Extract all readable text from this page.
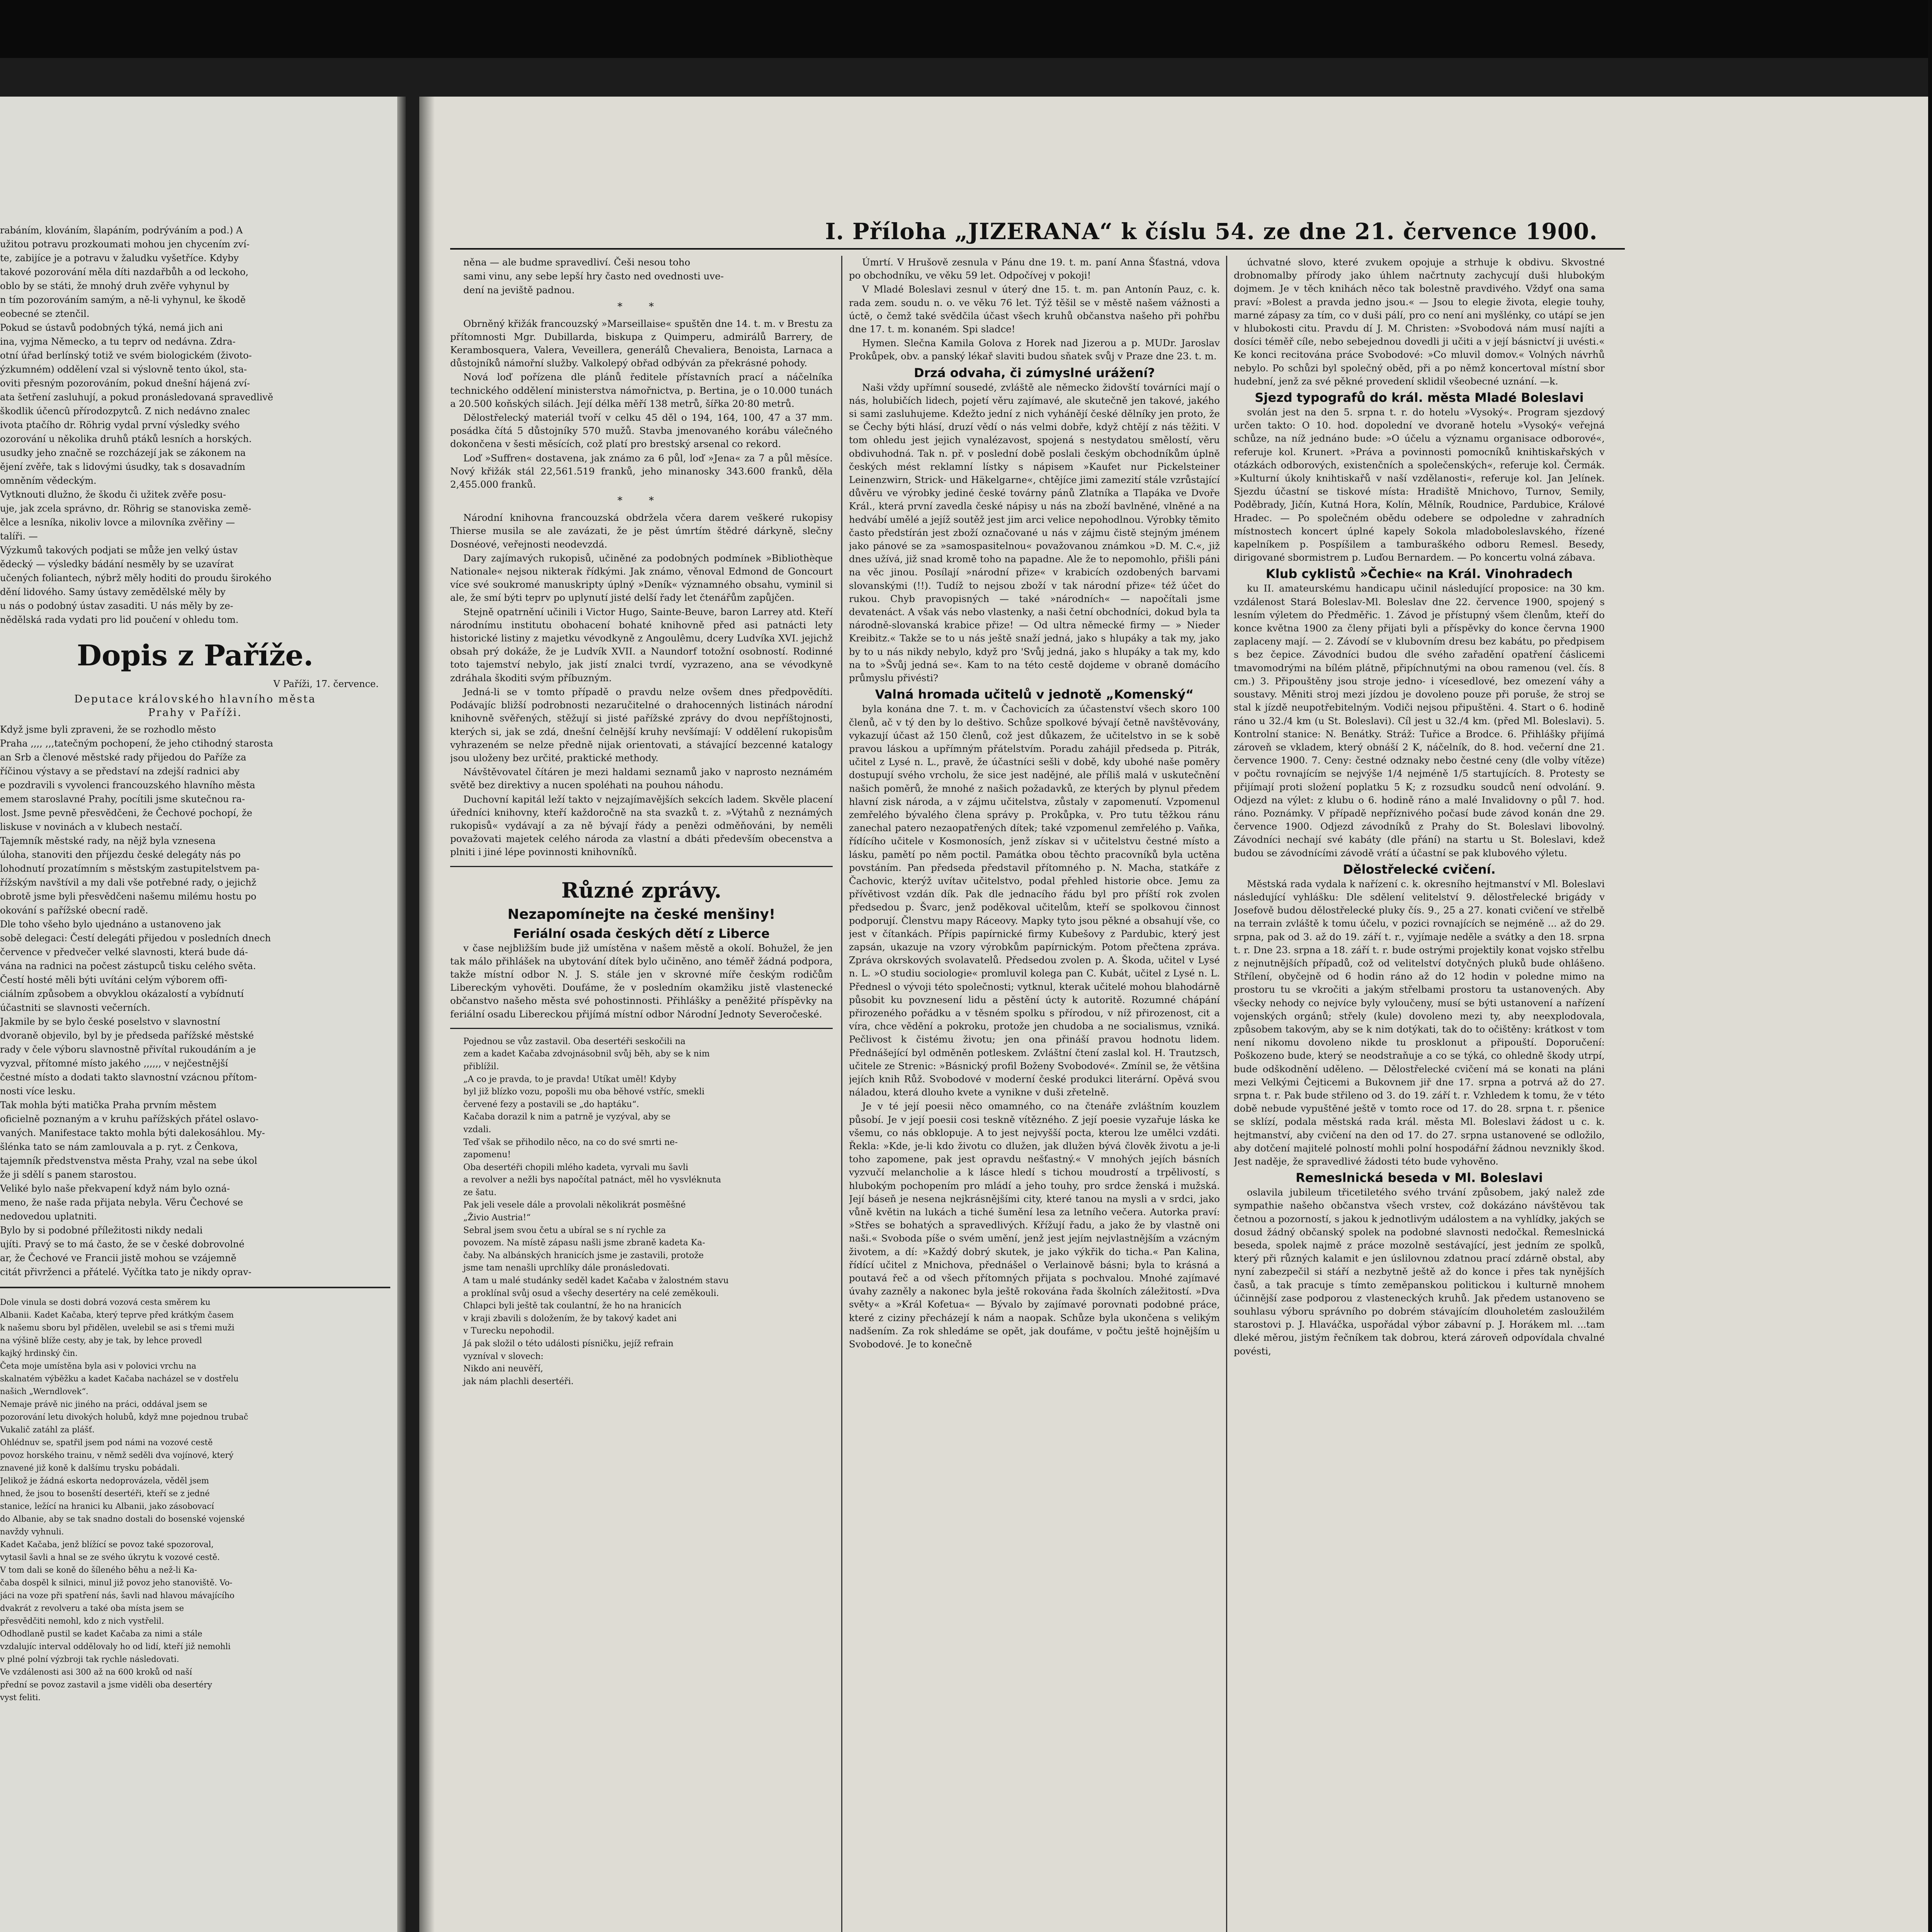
rabáním, klováním, šlapáním, podrýváním a pod.) A

užitou potravu prozkoumati mohou jen chycením zví-

te, zabijíce je a potravu v žaludku vyšetříce. Kdyby

takové pozorování měla díti nazdařbůh a od leckoho,

oblo by se státi, že mnohý druh zvěře vyhynul by

n tím pozorováním samým, a ně-li vyhynul, ke škodě

eobecné se ztenčil.

Pokud se ústavů podobných týká, nemá jich ani

ina, vyjma Německo, a tu teprv od nedávna. Zdra-

otní úřad berlínský totiž ve svém biologickém (životo-

ýzkumném) oddělení vzal si výslovně tento úkol, sta-

oviti přesným pozorováním, pokud dnešní hájená zví-

ata šetření zasluhují, a pokud pronásledovaná spravedlivě

škodlik účencû přírodozpytců. Z nich nedávno znalec

ivota ptačího dr. Röhrig vydal první výsledky svého

ozorování u několika druhů ptáků lesních a horských.

usudky jeho značně se rozcházejí jak se zákonem na

ějení zvěře, tak s lidovými úsudky, tak s dosavadním

omněním vědeckým.

Vytknouti dlužno, že škodu či užitek zvěře posu-

uje, jak zcela správno, dr. Röhrig se stanoviska země-

ělce a lesníka, nikoliv lovce a milovníka zvěřiny —

talíři. —

Výzkumů takových podjati se může jen velký ústav

ědecký — výsledky bádání nesměly by se uzavírat

učených foliantech, nýbrž měly hoditi do proudu širokého

dění lidového. Samy ústavy zemědělské měly by

u nás o podobný ústav zasaditi. U nás měly by ze-

nědělská rada vydati pro lid poučení v ohledu tom.

Dopis z Paříže.
V Paříži, 17. července.
Deputace královského hlavního města
Prahy v Paříži.

Když jsme byli zpraveni, že se rozhodlo město

Praha ,,,, ,,,tatečným pochopení, že jeho ctihodný starosta

an Srb a členové městské rady přijedou do Paříže za

říčinou výstavy a se představí na zdejší radnici aby

e pozdravili s vyvolenci francouzského hlavního města

emem staroslavné Prahy, pocítili jsme skutečnou ra-

lost. Jsme pevně přesvědčeni, že Čechové pochopí, že

liskuse v novinách a v klubech nestačí.

Tajemník městské rady, na nějž byla vznesena

úloha, stanoviti den příjezdu české delegáty nás po

lohodnutí prozatímním s městským zastupitelstvem pa-

řížským navštívil a my dali vše potřebné rady, o jejichž

obrotě jsme byli přesvědčeni našemu milému hostu po

okování s pařížské obecní radě.

Dle toho všeho bylo ujednáno a ustanoveno jak

sobě delegaci: Čestí delegáti přijedou v posledních dnech

července v předvečer velké slavnosti, která bude dá-

vána na radnici na počest zástupců tisku celého světa.

Čestí hosté měli býti uvítáni celým výborem offi-

ciálním způsobem a obvyklou okázalostí a vybídnutí

účastniti se slavnosti večerních.

Jakmile by se bylo české poselstvo v slavnostní

dvoraně objevilo, byl by je předseda pařížské městské

rady v čele výboru slavnostně přivítal rukoudáním a je

vyzval, přítomné místo jakého ,,,,,, v nejčestnější

čestné místo a dodati takto slavnostní vzácnou přítom-

nosti více lesku.

Tak mohla býti matička Praha prvním městem

oficielně poznaným a v kruhu pařížských přátel oslavo-

vaných. Manifestace takto mohla býti dalekosáhlou. My-

šlénka tato se nám zamlouvala a p. ryt. z Čenkova,

tajemník předstvenstva města Prahy, vzal na sebe úkol

že ji sdělí s panem starostou.

Veliké bylo naše překvapení když nám bylo ozná-

meno, že naše rada přijata nebyla. Věru Čechové se

nedovedou uplatniti.

Bylo by si podobné příležitosti nikdy nedali

ujíti. Pravý se to má často, že se v české dobrovolné

ar, že Čechové ve Francii jistě mohou se vzájemně

citát přivrženci a přátelé. Vyčítka tato je nikdy oprav-

Dole vinula se dosti dobrá vozová cesta směrem ku

Albanii. Kadet Kačaba, který teprve před krátkým časem

k našemu sboru byl přidělen, uvelebil se asi s třemi muži

na výšině blíže cesty, aby je tak, by lehce provedl

kajký hrdinský čin.

Četa moje umístěna byla asi v polovici vrchu na

skalnatém výběžku a kadet Kačaba nacházel se v dostřelu

našich „Werndlovek“.

Nemaje právě nic jiného na práci, oddával jsem se

pozorování letu divokých holubů, když mne pojednou trubač

Vukalič zatáhl za plášť.

Ohlédnuv se, spatřil jsem pod námi na vozové cestě

povoz horského trainu, v němž seděli dva vojínové, který

znavené již koně k dalšímu trysku pobádali.

Jelikož je žádná eskorta nedoprovázela, věděl jsem

hned, že jsou to bosenští desertéři, kteří se z jedné

stanice, ležící na hranici ku Albanii, jako zásobovací

do Albanie, aby se tak snadno dostali do bosenské vojenské

navždy vyhnuli.

Kadet Kačaba, jenž blížící se povoz také spozoroval,

vytasil šavli a hnal se ze svého úkrytu k vozové cestě.

V tom dali se koně do šíleného běhu a než-li Ka-

čaba dospěl k silnici, minul již povoz jeho stanoviště. Vo-

jáci na voze při spatření nás, šavli nad hlavou mávajícího

dvakrát z revolveru a také oba místa jsem se

přesvědčiti nemohl, kdo z nich vystřelil.

Odhodlaně pustil se kadet Kačaba za nimi a stále

vzdalujíc interval oddělovaly ho od lidí, kteří již nemohli

v plné polní výzbroji tak rychle následovati.

Ve vzdálenosti asi 300 až na 600 kroků od naší

přední se povoz zastavil a jsme viděli oba desertéry

vyst feliti.

I. Příloha „JIZERANA“ k číslu 54. ze dne 21. července 1900.

něna — ale budme spravedliví. Češi nesou toho

sami vinu, any sebe lepší hry často ned ovednosti uve-

dení na jeviště padnou.

* *

Obrněný křižák francouzský »Marseillaise« spuštěn dne 14. t. m. v Brestu za přítomnosti Mgr. Dubillarda, biskupa z Quimperu, admirálů Barrery, de Kerambosquera, Valera, Veveillera, generálů Chevaliera, Benoista, Larnaca a důstojníků námořní služby. Valkolepý obřad odbýván za překrásné pohody.

Nová loď pořízena dle plánů ředitele přístavních prací a náčelníka technického oddělení ministerstva námořnictva, p. Bertina, je o 10.000 tunách a 20.500 koňských silách. Její délka měří 138 metrů, šířka 20·80 metrů.

Dělostřelecký materiál tvoří v celku 45 děl o 194, 164, 100, 47 a 37 mm. posádka čítá 5 důstojníky 570 mužů. Stavba jmenovaného korábu válečného dokončena v šesti měsících, což platí pro brestský arsenal co rekord.

Loď »Suffren« dostavena, jak známo za 6 půl, loď »Jena« za 7 a půl měsíce. Nový křižák stál 22,561.519 franků, jeho minanosky 343.600 franků, děla 2,455.000 franků.

* *

Národní knihovna francouzská obdržela včera darem veškeré rukopisy Thierse musila se ale zavázati, že je pěst úmrtím štědré dárkyně, slečny Dosnéové, veřejnosti neodevzdá.

Dary zajímavých rukopisů, učiněné za podobných podmínek »Bibliothèque Nationale« nejsou nikterak řídkými. Jak známo, věnoval Edmond de Goncourt více své soukromé manuskripty úplný »Deník« významného obsahu, vyminil si ale, že smí býti teprv po uplynutí jisté delší řady let čtenářům zapůjčen.

Stejně opatrnění učinili i Victor Hugo, Sainte-Beuve, baron Larrey atd. Kteří národnímu institutu obohacení bohaté knihovně před asi patnácti lety historické listiny z majetku vévodkyně z Angoulêmu, dcery Ludvíka XVI. jejichž obsah prý dokáže, že je Ludvík XVII. a Naundorf totožní osobností. Rodinné toto tajemství nebylo, jak jistí znalci tvrdí, vyzrazeno, ana se vévodkyně zdráhala škoditi svým příbuzným.

Jedná-li se v tomto případě o pravdu nelze ovšem dnes předpovědíti. Podávajíc bližší podrobnosti nezaručitelné o drahocenných listinách národní knihovně svěřených, stěžují si jisté pařížské zprávy do dvou nepříštojnosti, kterých si, jak se zdá, dnešní čelnější kruhy nevšímají: V oddělení rukopisům vyhrazeném se nelze předně nijak orientovati, a stávající bezcenné katalogy jsou uloženy bez určité, praktické methody.

Návštěvovatel čítáren je mezi haldami seznamů jako v naprosto neznámém světě bez direktivy a nucen spoléhati na pouhou náhodu.

Duchovní kapitál leží takto v nejzajímavějších sekcích ladem. Skvěle placení úředníci knihovny, kteří každoročně na sta svazků t. z. »Výtahů z neznámých rukopisů« vydávají a za ně bývají řády a penězi odměňováni, by neměli považovati majetek celého národa za vlastní a dbáti především obecenstva a plniti i jiné lépe povinnosti knihovníků.

Různé zprávy.
Nezapomínejte na české menšiny!
Feriální osada českých dětí z Liberce

v čase nejbližším bude již umístěna v našem městě a okolí. Bohužel, že jen tak málo přihlášek na ubytování dítek bylo učiněno, ano téměř žádná podpora, takže místní odbor N. J. S. stále jen v skrovné míře českým rodičům Libereckým vyhověti. Doufáme, že v posledním okamžiku jistě vlastenecké občanstvo našeho města své pohostinnosti. Přihlášky a peněžité příspěvky na feriální osadu Libereckou přijímá místní odbor Národní Jednoty Severočeské.

Pojednou se vůz zastavil. Oba desertéři seskočili na

zem a kadet Kačaba zdvojnásobnil svůj běh, aby se k nim

přiblížil.

„A co je pravda, to je pravda! Utíkat uměl! Kdyby

byl již blízko vozu, popošli mu oba běhové vstříc, smekli

červené fezy a postavili se „do haptáku“.

Kačaba dorazil k nim a patrně je vyzýval, aby se

vzdali.

Teď však se přihodilo něco, na co do své smrti ne-

zapomenu!

Oba desertéři chopili mlého kadeta, vyrvali mu šavli

a revolver a nežli bys napočítal patnáct, měl ho vysvléknuta

ze šatu.

Pak jeli vesele dále a provolali několikrát posměšné

„Živio Austria!“

Sebral jsem svou četu a ubíral se s ní rychle za

povozem. Na místě zápasu našli jsme zbraně kadeta Ka-

čaby. Na albánských hranicích jsme je zastavili, protože

jsme tam nenašli uprchlíky dále pronásledovati.

A tam u malé studánky seděl kadet Kačaba v žalostném stavu

a proklínal svůj osud a všechy desertéry na celé zeměkouli.

Chlapci byli ještě tak coulantní, že ho na hranicích

v kraji zbavili s doložením, že by takový kadet ani

v Turecku nepohodil.

Já pak složil o této události písničku, jejíž refrain

vyzníval v slovech:

Nikdo ani neuvěří,

jak nám plachli desertéři.

Úmrtí. V Hrušově zesnula v Pánu dne 19. t. m. paní Anna Šťastná, vdova po obchodníku, ve věku 59 let. Odpočívej v pokoji!

V Mladé Boleslavi zesnul v úterý dne 15. t. m. pan Antonín Pauz, c. k. rada zem. soudu n. o. ve věku 76 let. Týž těšil se v městě našem vážnosti a úctě, o čemž také svědčila účast všech kruhů občanstva našeho při pohřbu dne 17. t. m. konaném. Spi sladce!

Hymen. Slečna Kamila Golova z Horek nad Jizerou a p. MUDr. Jaroslav Prokůpek, obv. a panský lékař slaviti budou sňatek svůj v Praze dne 23. t. m.

Drzá odvaha, či zúmyslné urážení?

Naši vždy upřímní sousedé, zvláště ale německo židovští továrníci mají o nás, holubičích lidech, pojetí věru zajímavé, ale skutečně jen takové, jakého si sami zasluhujeme. Kdežto jední z nich vyhánějí české dělníky jen proto, že se Čechy býti hlásí, druzí vědí o nás velmi dobře, když chtějí z nás těžiti. V tom ohledu jest jejich vynalézavost, spojená s nestydatou smělostí, věru obdivuhodná. Tak n. př. v poslední době poslali českým obchodníkům úplně českých mést reklamní lístky s nápisem »Kaufet nur Pickelsteiner Leinenzwirn, Strick- und Häkelgarne«, chtějíce jimi zamezití stále vzrůstající důvěru ve výrobky jediné české továrny pánů Zlatníka a Tlapáka ve Dvoře Král., která první zavedla české nápisy u nás na zboží bavlněné, vlněné a na hedvábí umělé a jejíž soutěž jest jim arci velice nepohodlnou. Výrobky těmito často předstírán jest zboží označované u nás v zájmu čistě stejným jménem jako pánové se za »samospasitelnou« považovanou známkou »D. M. C.«, již dnes užívá, již snad kromě toho na papadne. Ale že to nepomohlo, přišli páni na věc jinou. Posílají »národní přize« v krabicích ozdobených barvami slovanskými (!!). Tudíž to nejsou zboží v tak národní přize« též účet do rukou. Chyb pravopisných — také »národních« — napočítali jsme devatenáct. A však vás nebo vlastenky, a naši četní obchodníci, dokud byla ta národně-slovanská krabice přize! — Od ultra německé firmy — » Nieder Kreibitz.« Takže se to u nás ještě snaží jedná, jako s hlupáky a tak my, jako by to u nás nikdy nebylo, když pro 'Svůj jedná, jako s hlupáky a tak my, kdo na to »Švůj jedná se«. Kam to na této cestě dojdeme v obraně domácího průmyslu přivésti?

Valná hromada učitelů v jednotě „Komenský“

byla konána dne 7. t. m. v Čachovicích za účastenství všech skoro 100 členů, ač v tý den by lo deštivo. Schůze spolkové bývají četně navštěvovány, vykazují účast až 150 členů, což jest důkazem, že učitelstvo in se k sobě pravou láskou a upřímným přátelstvím. Poradu zahájil předseda p. Pitrák, učitel z Lysé n. L., pravě, že účastníci sešli v době, kdy ubohé naše poměry dostupují svého vrcholu, že sice jest nadějné, ale příliš malá v uskutečnění našich poměrů, že mnohé z našich požadavků, ze kterých by plynul předem hlavní zisk národa, a v zájmu učitelstva, zůstaly v zapomenutí. Vzpomenul zemřelého bývalého člena správy p. Prokůpka, v. Pro tutu těžkou ránu zanechal patero nezaopatřených dítek; také vzpomenul zemřelého p. Vaňka, řídícího učitele v Kosmonosích, jenž získav si v učitelstvu čestné místo a lásku, pamětí po něm poctil. Památka obou těchto pracovníků byla uctěna povstáním. Pan předseda představil přítomného p. N. Macha, statkáře z Čachovic, kterýž uvítav učitelstvo, podal přehled historie obce. Jemu za přívětivost vzdán dík. Pak dle jednacího řádu byl pro příští rok zvolen předsedou p. Švarc, jenž poděkoval učitelům, kteří se spolkovou činnost podporují. Členstvu mapy Ráceovy. Mapky tyto jsou pěkné a obsahují vše, co jest v čítankách. Přípis papírnické firmy Kubešovy z Pardubic, který jest zapsán, ukazuje na vzory výrobkům papírnickým. Potom přečtena zpráva. Zpráva okrskových svolavatelů. Předsedou zvolen p. A. Škoda, učitel v Lysé n. L. »O studiu sociologie« promluvil kolega pan C. Kubát, učitel z Lysé n. L. Přednesl o vývoji této společnosti; vytknul, kterak učitelé mohou blahodárně působit ku povznesení lidu a pěstění úcty k autoritě. Rozumné chápání přirozeného pořádku a v těsném spolku s přírodou, v níž přirozenost, cit a víra, chce vědění a pokroku, protože jen chudoba a ne socialismus, vzniká. Pečlivost k čistému životu; jen ona přináší pravou hodnotu lidem. Přednášející byl odměněn potleskem. Zvláštní čtení zaslal kol. H. Trautzsch, učitele ze Strenic: »Básnický profil Boženy Svobodové«. Zmínil se, že většina jejích knih Růž. Svobodové v moderní české produkci literární. Opěvá svou náladou, která dlouho kvete a vynikne v duši zřetelně.

Je v té její poesii něco omamného, co na čtenáře zvláštním kouzlem působí. Je v její poesii cosi teskně vítězného. Z její poesie vyzařuje láska ke všemu, co nás obklopuje. A to jest nejvyšší pocta, kterou lze umělci vzdáti. Řekla: »Kde, je-li kdo životu co dlužen, jak dlužen bývá člověk životu a je-li toho zapomene, pak jest opravdu nešťastný.« V mnohých jejích básních vyzvučí melancholie a k lásce hledí s tichou moudrostí a trpělivostí, s hlubokým pochopením pro mládí a jeho touhy, pro srdce ženská i mužská. Její báseň je nesena nejkrásnějšími city, které tanou na mysli a v srdci, jako vůně květin na lukách a tiché šumění lesa za letního večera. Autorka praví: »Střes se bohatých a spravedlivých. Křížují řadu, a jako že by vlastně oni naši.« Svoboda píše o svém umění, jenž jest jejím nejvlastnějším a vzácným životem, a dí: »Každý dobrý skutek, je jako výkřik do ticha.« Pan Kalina, řídící učitel z Mnichova, přednášel o Verlainově básni; byla to krásná a poutavá řeč a od všech přítomných přijata s pochvalou. Mnohé zajímavé úvahy zazněly a nakonec byla ještě rokována řada školních záležitostí. »Dva světy« a »Král Kofetua« — Bývalo by zajímavé porovnati podobné práce, které z ciziny přecházejí k nám a naopak. Schůze byla ukončena s velikým nadšením. Za rok shledáme se opět, jak doufáme, v počtu ještě hojnějším u Svobodové. Je to konečně

úchvatné slovo, které zvukem opojuje a strhuje k obdivu. Skvostné drobnomalby přírody jako úhlem načrtnuty zachycují duši hlubokým dojmem. Je v těch knihách něco tak bolestně pravdivého. Vždyť ona sama praví: »Bolest a pravda jedno jsou.« — Jsou to elegie života, elegie touhy, marné zápasy za tím, co v duši pálí, pro co není ani myšlénky, co utápí se jen v hlubokosti citu. Pravdu dí J. M. Christen: »Svobodová nám musí najíti a dosíci téměř cíle, nebo sebejednou dovedli ji učiti a v její básnictví ji uvésti.« Ke konci recitována práce Svobodové: »Co mluvil domov.« Volných návrhů nebylo. Po schůzi byl společný oběd, při a po němž koncertoval místní sbor hudební, jenž za své pěkné provedení sklidil všeobecné uznání. —k.

Sjezd typografů do král. města Mladé Boleslavi

svolán jest na den 5. srpna t. r. do hotelu »Vysoký«. Program sjezdový určen takto: O 10. hod. dopolední ve dvoraně hotelu »Vysoký« veřejná schůze, na níž jednáno bude: »O účelu a významu organisace odborové«, referuje kol. Krunert. »Práva a povinnosti pomocníků knihtiskařských v otázkách odborových, existenčních a společenských«, referuje kol. Čermák. »Kulturní úkoly knihtiskařů v naší vzdělanosti«, referuje kol. Jan Jelínek. Sjezdu účastní se tiskové místa: Hradiště Mnichovo, Turnov, Semily, Poděbrady, Jičín, Kutná Hora, Kolín, Mělník, Roudnice, Pardubice, Králové Hradec. — Po společném obědu odebere se odpoledne v zahradních místnostech koncert úplné kapely Sokola mladoboleslavského, řízené kapelníkem p. Pospíšilem a tamburaškého odboru Remesl. Besedy, dirigované sbormistrem p. Luďou Bernardem. — Po koncertu volná zábava.

Klub cyklistů »Čechie« na Král. Vinohradech

ku II. amateurskému handicapu učinil následující proposice: na 30 km. vzdálenost Stará Boleslav-Ml. Boleslav dne 22. července 1900, spojený s lesním výletem do Předměřic. 1. Závod je přístupný všem členům, kteří do konce května 1900 za členy přijati byli a příspěvky do konce června 1900 zaplaceny mají. — 2. Závodí se v klubovním dresu bez kabátu, po předpisem s bez čepice. Závodníci budou dle svého zařadění opatření čáslicemi tmavomodrými na bílém plátně, připíchnutými na obou ramenou (vel. čís. 8 cm.) 3. Připouštěny jsou stroje jedno- i vícesedlové, bez omezení váhy a soustavy. Měniti stroj mezi jízdou je dovoleno pouze při poruše, že stroj se stal k jízdě neupotřebitelným. Vodiči nejsou připuštěni. 4. Start o 6. hodině ráno u 32./4 km (u St. Boleslavi). Cíl jest u 32./4 km. (před Ml. Boleslavi). 5. Kontrolní stanice: N. Benátky. Stráž: Tuřice a Brodce. 6. Přihlášky přijímá zároveň se vkladem, který obnáší 2 K, náčelník, do 8. hod. večerní dne 21. července 1900. 7. Ceny: čestné odznaky nebo čestné ceny (dle volby vítěze) v počtu rovnajícím se nejvýše 1/4 nejméně 1/5 startujících. 8. Protesty se přijímají proti složení poplatku 5 K; z rozsudku soudců není odvolání. 9. Odjezd na výlet: z klubu o 6. hodině ráno a malé Invalidovny o půl 7. hod. ráno. Poznámky. V případě nepříznivého počasí bude závod konán dne 29. července 1900. Odjezd závodníků z Prahy do St. Boleslavi libovolný. Závodníci nechají své kabáty (dle přání) na startu u St. Boleslavi, kdež budou se závodnícími závodě vrátí a účastní se pak klubového výletu.

Dělostřelecké cvičení.

Městská rada vydala k nařízení c. k. okresního hejtmanství v Ml. Boleslavi následující vyhlášku: Dle sdělení velitelství 9. dělostřelecké brigády v Josefově budou dělostřelecké pluky čís. 9., 25 a 27. konati cvičení ve střelbě na terrain zvláště k tomu účelu, v pozici rovnajících se nejméně ... až do 29. srpna, pak od 3. až do 19. září t. r., vyjímaje neděle a svátky a den 18. srpna t. r. Dne 23. srpna a 18. září t. r. bude ostrými projektily konat vojsko střelbu z nejnutnějších případů, což od velitelství dotyčných pluků bude ohlášeno. Střílení, obyčejně od 6 hodin ráno až do 12 hodin v poledne mimo na prostoru tu se vkročiti a jakým střelbami prostoru ta ustanovených. Aby všecky nehody co nejvíce byly vyloučeny, musí se býti ustanovení a nařízení vojenských orgánů; střely (kule) dovoleno mezi ty, aby neexplodovala, způsobem takovým, aby se k nim dotýkati, tak do to očištěny: krátkost v tom není nikomu dovoleno nikde tu prosklonut a připouští. Doporučení: Poškozeno bude, který se neodstraňuje a co se týká, co ohledně škody utrpí, bude odškodnění uděleno. — Dělostřelecké cvičení má se konati na pláni mezi Velkými Čejticemi a Bukovnem jiř dne 17. srpna a potrvá až do 27. srpna t. r. Pak bude střileno od 3. do 19. září t. r. Vzhledem k tomu, že v této době nebude vypuštěné ještě v tomto roce od 17. do 28. srpna t. r. pšenice se sklízí, podala městská rada král. města Ml. Boleslavi žádost u c. k. hejtmanství, aby cvičení na den od 17. do 27. srpna ustanovené se odložilo, aby dotčení majitelé polností mohli polní hospodářní žádnou nevznikly škod. Jest naděje, že spravedlivé žádosti této bude vyhověno.

Remeslnická beseda v Ml. Boleslavi

oslavila jubileum třicetiletého svého trvání způsobem, jaký nalež zde sympathie našeho občanstva všech vrstev, což dokázáno návštěvou tak četnou a pozorností, s jakou k jednotlivým událostem a na vyhlídky, jakých se dosud žádný občanský spolek na podobné slavnosti nedočkal. Řemeslnická beseda, spolek najmě z práce mozolně sestávající, jest jedním ze spolků, který při různých kalamit e jen úslilovnou zdatnou prací zdárně obstal, aby nyní zabezpečil si stáří a nezbytně ještě až do konce i přes tak nynějších časů, a tak pracuje s tímto zeměpanskou politickou i kulturně mnohem účinnější zase podporou z vlasteneckých kruhů. Jak předem ustanoveno se souhlasu výboru správního po dobrém stávajícím dlouholetém zasloužilém starostovi p. J. Hlaváčka, uspořádal výbor zábavní p. J. Horákem ml. ...tam dleké měrou, jistým řečníkem tak dobrou, která zároveň odpovídala chvalné povésti,
